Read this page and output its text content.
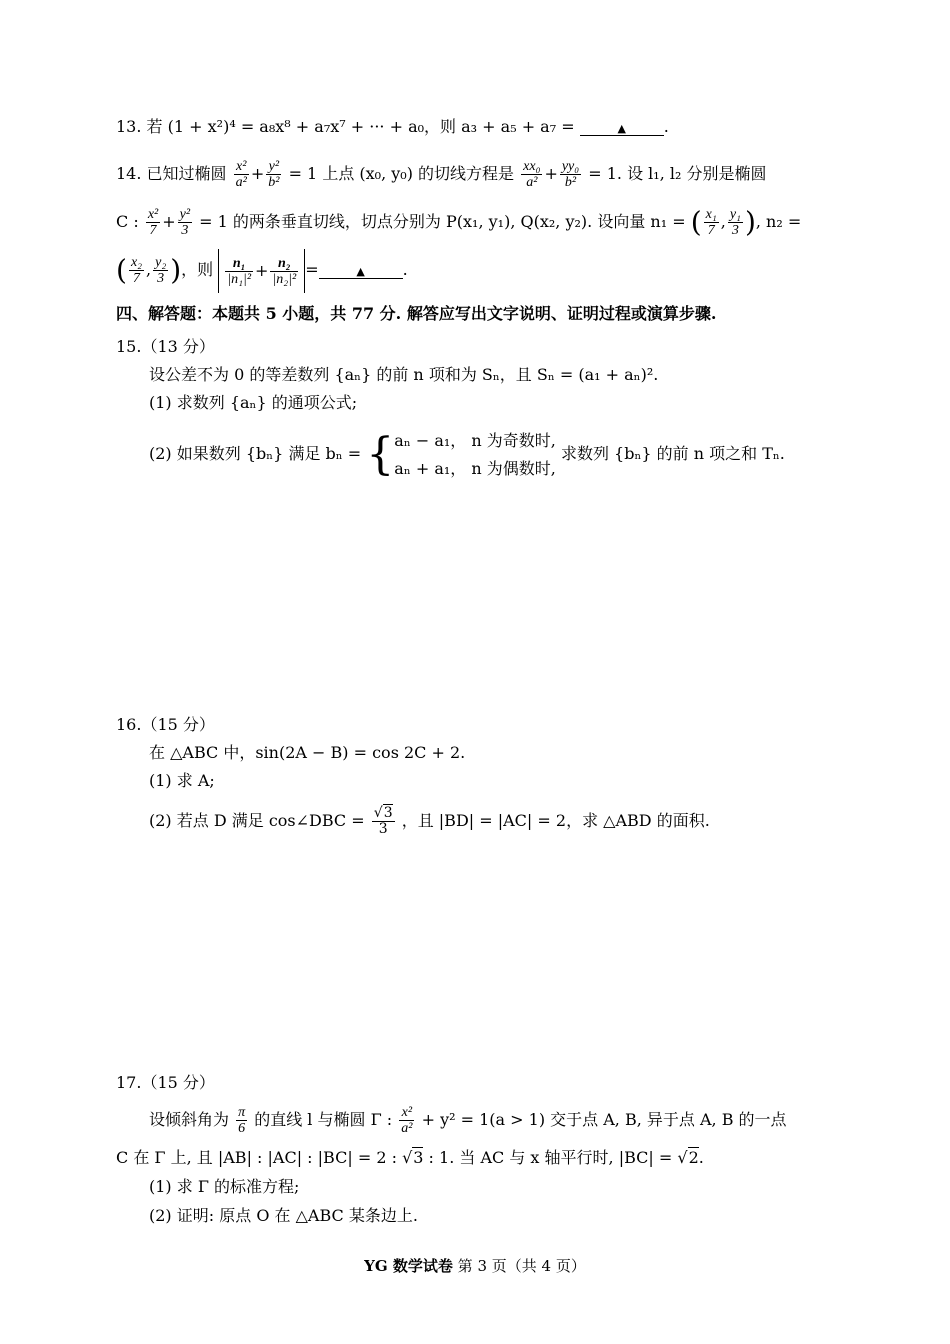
13. 若 (1 + x²)⁴ = a₈x⁸ + a₇x⁷ + ··· + a₀，则 a₃ + a₅ + a₇ =	▲ .
14. 已知过椭圆 $\frac{\text{x²}}{\text{a²}} + \frac{\text{y²}}{\text{b²}} = 1$ 上点 (x₀, y₀) 的切线方程是 $\frac{\text{xx₀}}{\text{a²}} + \frac{\text{yy₀}}{\text{b²}} = 1$. 设 l₁, l₂ 分别是椭圆
C : $\frac{\text{x²}}{7} + \frac{\text{y²}}{3} = 1$ 的两条垂直切线，切点分别为 P(x₁, y₁), Q(x₂, y₂). 设向量 n₁ = ( $\frac{\text{x₁}}{7}$ , $\frac{\text{y₁}}{3}$ ), n₂ =
( $\frac{\text{x₂}}{7}$ , $\frac{\text{y₂}}{3}$ )，则 $\frac{\text{n₁}}{\text{|n₁|²}} + \frac{\text{n₂}}{\text{|n₂|²}}$ =	▲ .
四、解答题：本题共 5 小题，共 77 分. 解答应写出文字说明、证明过程或演算步骤.
15.（13 分）
设公差不为 0 的等差数列 {aₙ} 的前 n 项和为 Sₙ，且 Sₙ = (a₁ + aₙ)².
(1) 求数列 {aₙ} 的通项公式;
(2) 如果数列 {bₙ} 满足 bₙ = { aₙ − a₁， n 为奇数时,
aₙ + a₁， n 为偶数时,
求数列 {bₙ} 的前 n 项之和 Tₙ.
16.（15 分）
在 △ABC 中，sin(2A − B) = cos 2C + 2.
(1) 求 A;
(2) 若点 D 满足 cos∠DBC = $\frac{√3}{3}$ ，且 |BD| = |AC| = 2，求 △ABD 的面积.
17.（15 分）
设倾斜角为 $\frac{\pi}{6}$ 的直线 l 与椭圆 Γ : $\frac{\text{x²}}{\text{a²}} + y^2 = 1(a > 1)$ 交于点 A, B, 异于点 A, B 的一点
C 在 Γ 上, 且 |AB| : |AC| : |BC| = 2 : √3 : 1. 当 AC 与 x 轴平行时, |BC| = √2.
(1) 求 Γ 的标准方程;
(2) 证明: 原点 O 在 △ABC 某条边上.
YG 数学试卷 第 3 页（共 4 页）
